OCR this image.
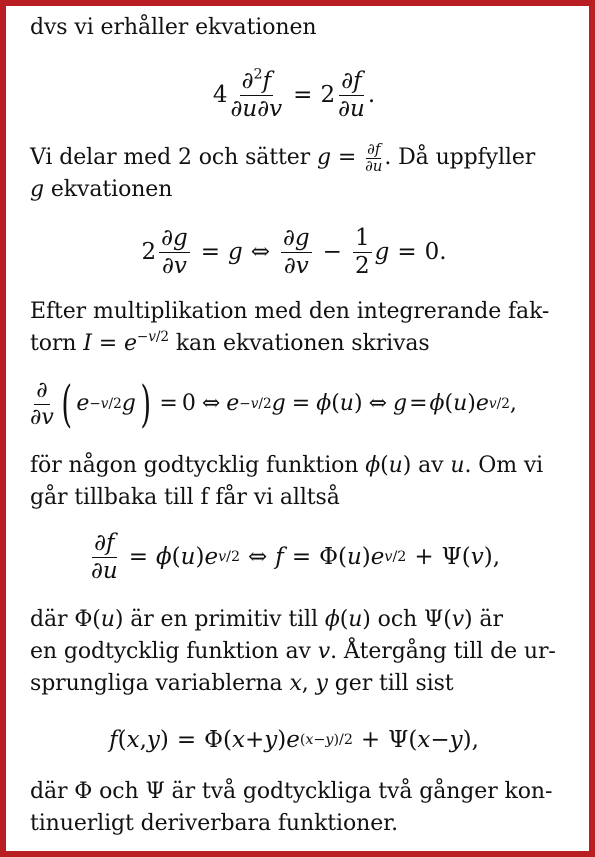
dvs vi erhåller ekvationen
$4 \frac{\partial^2f}{\partial u\partial v} = 2 \frac{\partial f}{\partial u}$ .
Vi delar med 2 och sätter $g = \frac{\partial f}{\partial u}$ . Då uppfyller
g ekvationen
$2 \frac{\partial g}{\partial v} = g$ ⇔ $\frac{\partial g}{\partial v} - \frac{1}{2}$ g = 0.
Efter multiplikation med den integrerande fak-
torn $I = e^{-v/2}$ kan ekvationen skrivas
$\frac{\partial}{\partial v}$ ( e −v/2 g ) = 0 ⇔ e −v/2 g = ϕ ( u ) ⇔ g = ϕ ( u ) e v/2 ,
för någon godtycklig funktion ϕ(u) av u. Om vi
går tillbaka till f får vi alltså
$\frac{\partial f}{\partial u} = \phi$ ( u ) e v/2 ⇔ f = Φ( u ) e v/2 + Ψ( v ),
där Φ(u) är en primitiv till ϕ(u) och Ψ(v) är
en godtycklig funktion av v. Återgång till de ur-
sprungliga variablerna x, y ger till sist
f ( x , y ) = Φ( x + y ) e (x−y)/2 + Ψ( x − y ),
där Φ och Ψ är två godtyckliga två gånger kon-
tinuerligt deriverbara funktioner.
